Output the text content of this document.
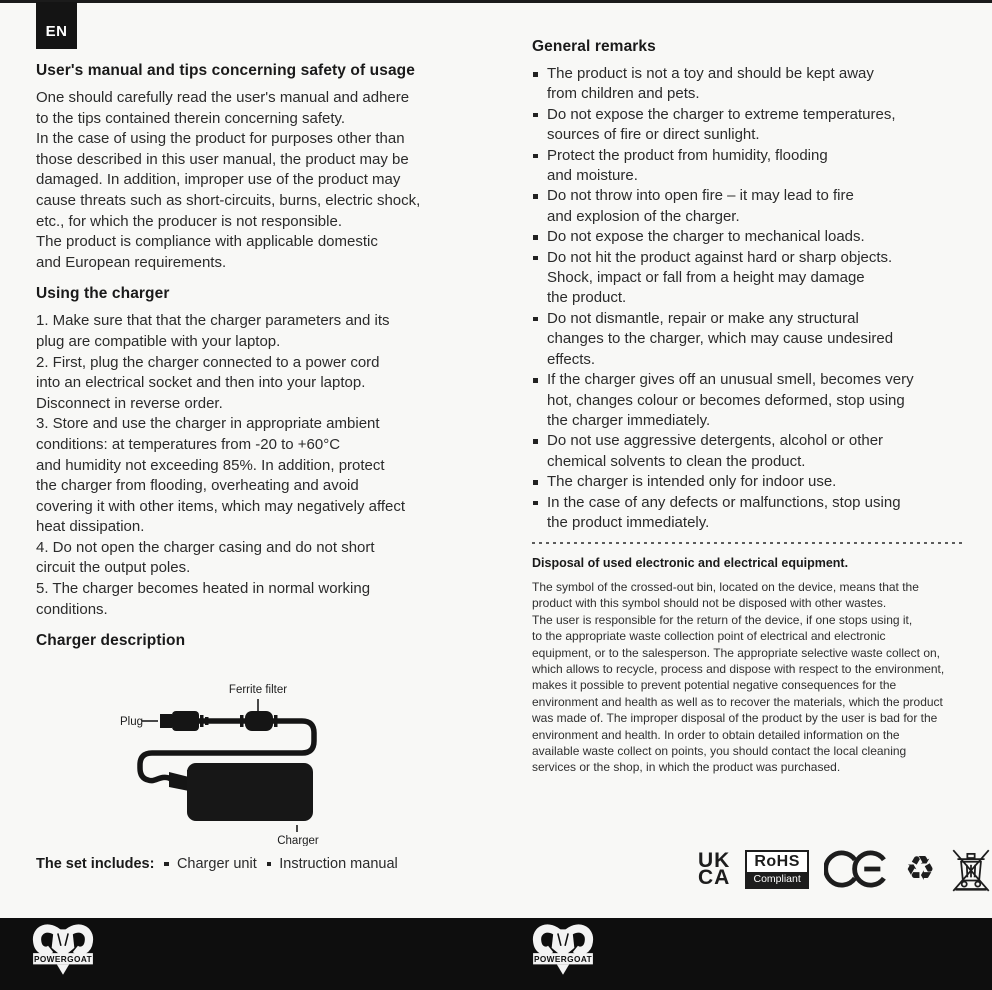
EN
User's manual and tips concerning safety of usage

One should carefully read the user's manual and adhere
to the tips contained therein concerning safety.
In the case of using the product for purposes other than
those described in this user manual, the product may be
damaged. In addition, improper use of the product may
cause threats such as short-circuits, burns, electric shock,
etc., for which the producer is not responsible.
The product is compliance with applicable domestic
and European requirements.

Using the charger

1. Make sure that that the charger parameters and its
plug are compatible with your laptop.
2. First, plug the charger connected to a power cord
into an electrical socket and then into your laptop.
Disconnect in reverse order.
3. Store and use the charger in appropriate ambient
conditions: at temperatures from -20 to +60°C
and humidity not exceeding 85%. In addition, protect
the charger from flooding, overheating and avoid
covering it with other items, which may negatively affect
heat dissipation.
4. Do not open the charger casing and do not short
circuit the output poles.
5. The charger becomes heated in normal working
conditions.

Charger description
Ferrite filter
Plug
Charger
The set includes: Charger unit Instruction manual
General remarks
The product is not a toy and should be kept away
from children and pets.
Do not expose the charger to extreme temperatures,
sources of fire or direct sunlight.
Protect the product from humidity, flooding
and moisture.
Do not throw into open fire – it may lead to fire
and explosion of the charger.
Do not expose the charger to mechanical loads.
Do not hit the product against hard or sharp objects.
Shock, impact or fall from a height may damage
the product.
Do not dismantle, repair or make any structural
changes to the charger, which may cause undesired
effects.
If the charger gives off an unusual smell, becomes very
hot, changes colour or becomes deformed, stop using
the charger immediately.
Do not use aggressive detergents, alcohol or other
chemical solvents to clean the product.
The charger is intended only for indoor use.
In the case of any defects or malfunctions, stop using
the product immediately.
Disposal of used electronic and electrical equipment.

The symbol of the crossed-out bin, located on the device, means that the
product with this symbol should not be disposed with other wastes.
The user is responsible for the return of the device, if one stops using it,
to the appropriate waste collection point of electrical and electronic
equipment, or to the salesperson. The appropriate selective waste collect on,
which allows to recycle, process and dispose with respect to the environment,
makes it possible to prevent potential negative consequences for the
environment and health as well as to recover the materials, which the product
was made of. The improper disposal of the product by the user is bad for the
environment and health. In order to obtain detailed information on the
available waste collect on points, you should contact the local cleaning
services or the shop, in which the product was purchased.

UK
CA
RoHS
Compliant	♻
POWERGOAT	POWERGOAT
